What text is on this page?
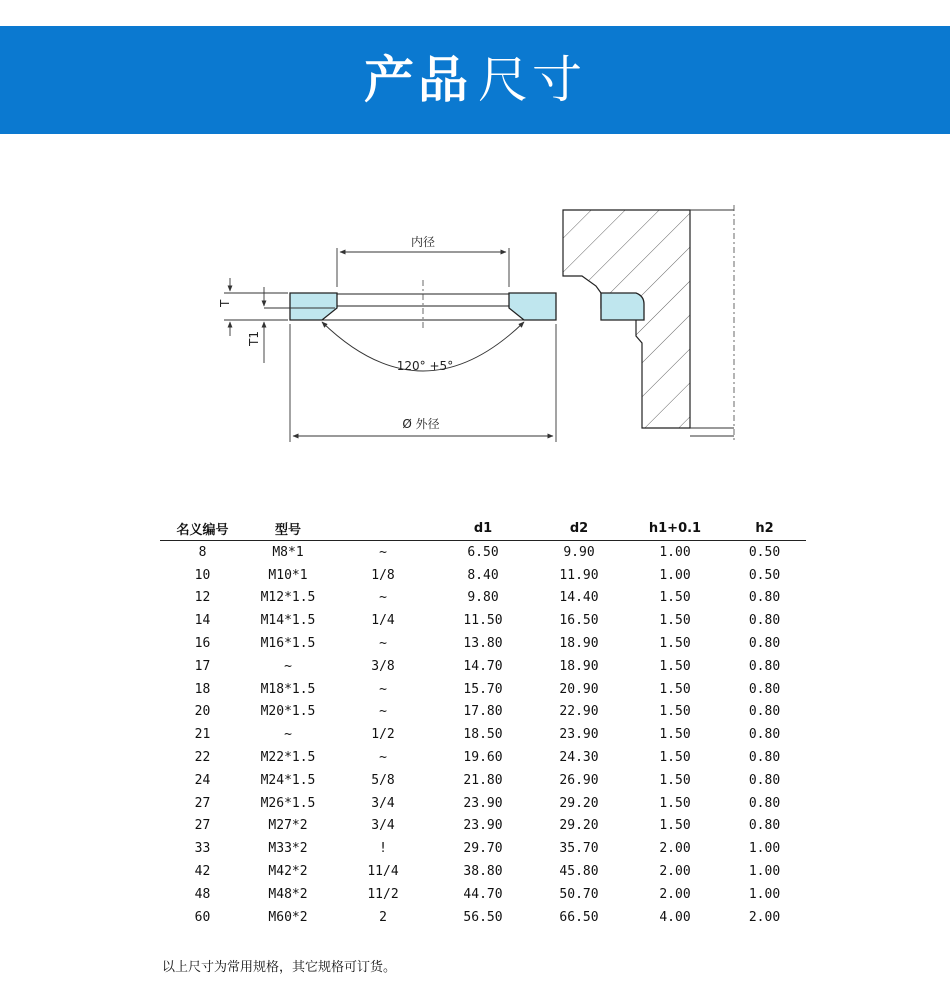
产品 尺寸
内径
120° +5°
Ø 外径
T
T1
名义编号	型号		d1	d2	h1+0.1	h2
8	M8*1	~	6.50	9.90	1.00	0.50
10	M10*1	1/8	8.40	11.90	1.00	0.50
12	M12*1.5	~	9.80	14.40	1.50	0.80
14	M14*1.5	1/4	11.50	16.50	1.50	0.80
16	M16*1.5	~	13.80	18.90	1.50	0.80
17	~	3/8	14.70	18.90	1.50	0.80
18	M18*1.5	~	15.70	20.90	1.50	0.80
20	M20*1.5	~	17.80	22.90	1.50	0.80
21	~	1/2	18.50	23.90	1.50	0.80
22	M22*1.5	~	19.60	24.30	1.50	0.80
24	M24*1.5	5/8	21.80	26.90	1.50	0.80
27	M26*1.5	3/4	23.90	29.20	1.50	0.80
27	M27*2	3/4	23.90	29.20	1.50	0.80
33	M33*2	!	29.70	35.70	2.00	1.00
42	M42*2	11/4	38.80	45.80	2.00	1.00
48	M48*2	11/2	44.70	50.70	2.00	1.00
60	M60*2	2	56.50	66.50	4.00	2.00
以上尺寸为常用规格，其它规格可订货。
